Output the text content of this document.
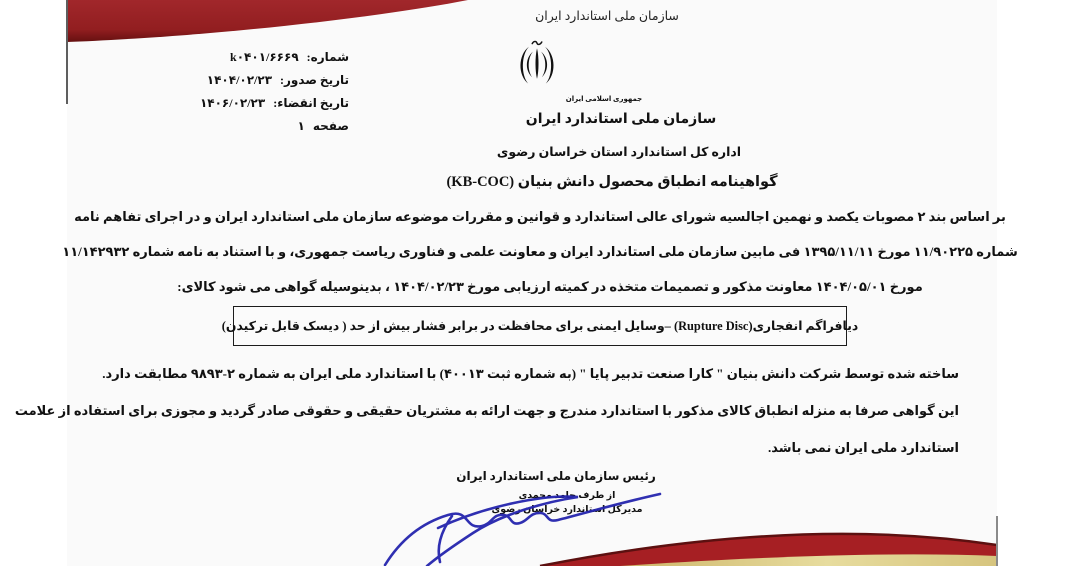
سازمان ملی استاندارد ایران
شماره: k۰۴۰۱/۶۶۶۹
تاریخ صدور: ۱۴۰۴/۰۲/۲۳
تاریخ انقضاء: ۱۴۰۶/۰۲/۲۳
صفحه ۱
جمهوری اسلامی ایران
سازمان ملی استاندارد ایران
اداره کل استاندارد استان خراسان رضوی
گواهینامه انطباق محصول دانش بنیان (KB-COC)
بر اساس بند ۲ مصوبات یکصد و نهمین اجالسیه شورای عالی استاندارد و قوانین و مقررات موضوعه سازمان ملی استاندارد ایران و در اجرای تفاهم نامه
شماره ۱۱/۹۰۲۲۵ مورخ ۱۳۹۵/۱۱/۱۱ فی مابین سازمان ملی استاندارد ایران و معاونت علمی و فناوری ریاست جمهوری، و با استناد به نامه شماره ۱۱/۱۴۲۹۳۲
مورخ ۱۴۰۴/۰۵/۰۱ معاونت مذکور و تصمیمات متخذه در کمیته ارزیابی مورخ ۱۴۰۴/۰۲/۲۳ ، بدینوسیله گواهی می شود کالای:
دیافراگم انفجاری(Rupture Disc) –وسایل ایمنی برای محافظت در برابر فشار بیش از حد ( دیسک قابل ترکیدن)
ساخته شده توسط شرکت دانش بنیان " کارا صنعت تدبیر پایا " (به شماره ثبت ۴۰۰۱۳) با استاندارد ملی ایران به شماره ۲-۹۸۹۳ مطابقت دارد.
این گواهی صرفا به منزله انطباق کالای مذکور با استاندارد مندرج و جهت ارائه به مشتریان حقیقی و حقوقی صادر گردید و مجوزی برای استفاده از علامت
استاندارد ملی ایران نمی باشد.
رئیس سازمان ملی استاندارد ایران
از طرف حامد محمدی
مدیرکل استاندارد خراسان رضوی
